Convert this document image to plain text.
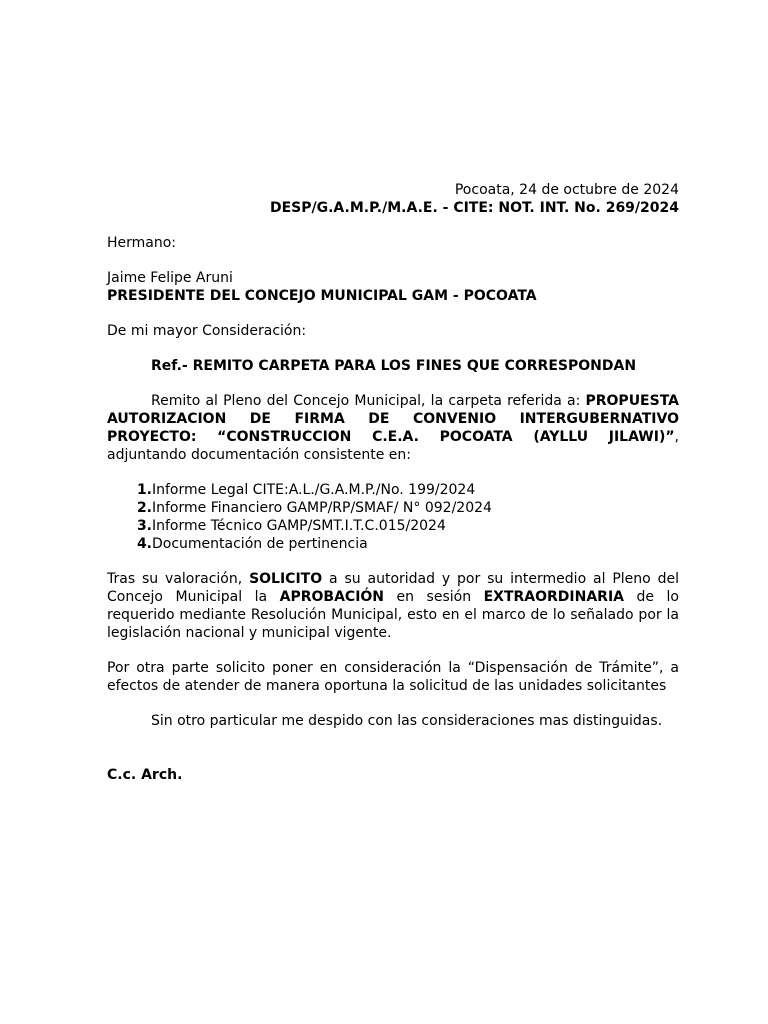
Pocoata, 24 de octubre de 2024

DESP/G.A.M.P./M.A.E. - CITE: NOT. INT. No. 269/2024

Hermano:

Jaime Felipe Aruni

PRESIDENTE DEL CONCEJO MUNICIPAL GAM - POCOATA

De mi mayor Consideración:

Ref.- REMITO CARPETA PARA LOS FINES QUE CORRESPONDAN

Remito al Pleno del Concejo Municipal, la carpeta referida a: PROPUESTA AUTORIZACION DE FIRMA DE CONVENIO INTERGUBERNATIVO PROYECTO: “CONSTRUCCION C.E.A. POCOATA (AYLLU JILAWI)”, adjuntando documentación consistente en:

1. Informe Legal CITE:A.L./G.A.M.P./No. 199/2024
2. Informe Financiero GAMP/RP/SMAF/ N° 092/2024
3. Informe Técnico GAMP/SMT.I.T.C.015/2024
4. Documentación de pertinencia

Tras su valoración, SOLICITO a su autoridad y por su intermedio al Pleno del Concejo Municipal la APROBACIÓN en sesión EXTRAORDINARIA de lo requerido mediante Resolución Municipal, esto en el marco de lo señalado por la legislación nacional y municipal vigente.

Por otra parte solicito poner en consideración la “Dispensación de Trámite”, a efectos de atender de manera oportuna la solicitud de las unidades solicitantes

Sin otro particular me despido con las consideraciones mas distinguidas.

C.c. Arch.
